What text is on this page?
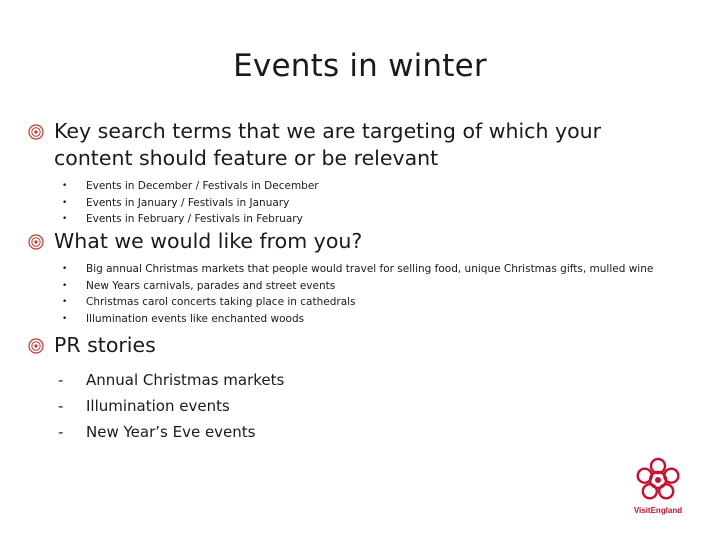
Events in winter
Key search terms that we are targeting of which your content should feature or be relevant
•	Events in December / Festivals in December
•	Events in January / Festivals in January
•	Events in February / Festivals in February
What we would like from you?
•	Big annual Christmas markets that people would travel for selling food, unique Christmas gifts, mulled wine
•	New Years carnivals, parades and street events
•	Christmas carol concerts taking place in cathedrals
•	Illumination events like enchanted woods
PR stories
-	Annual Christmas markets
-	Illumination events
-	New Year’s Eve events
VisitEngland
